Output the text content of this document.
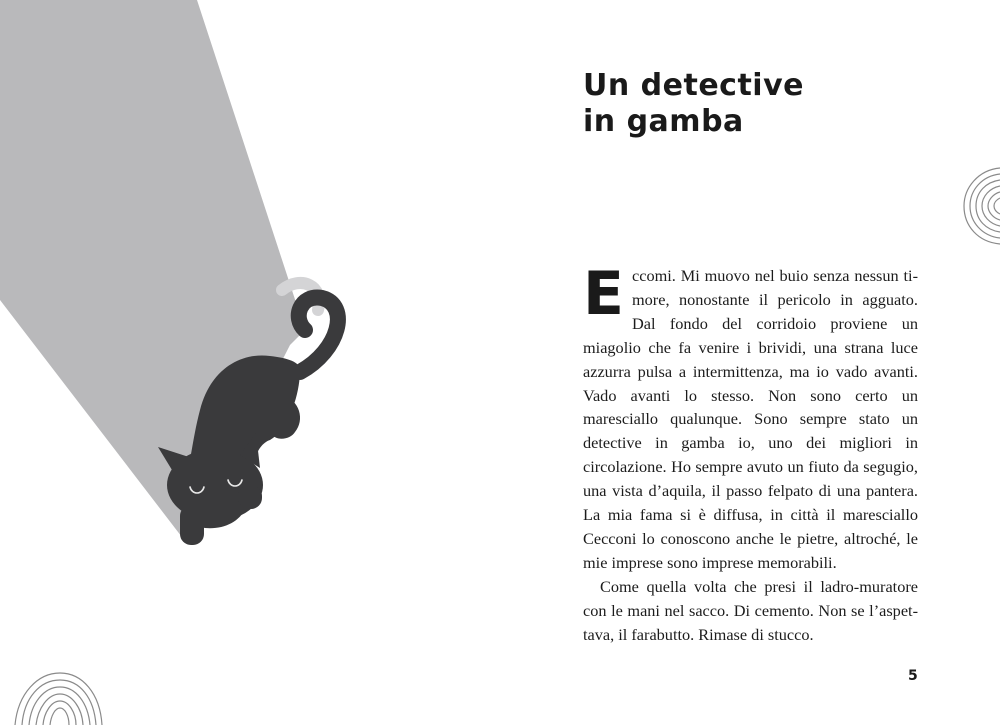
Un detective
in gamba

Eccomi. Mi muovo nel buio senza nessun timore, nonostante il pericolo in agguato. Dal fondo del corridoio proviene un miagolio che fa venire i brividi, una strana luce azzurra pulsa a intermittenza, ma io vado avanti. Vado avanti lo stesso. Non sono certo un maresciallo qualunque. Sono sempre stato un detective in gamba io, uno dei migliori in circolazione. Ho sempre avuto un fiuto da segugio, una vista d’aquila, il passo felpato di una pantera. La mia fama si è diffusa, in città il maresciallo Cecconi lo conoscono anche le pietre, altroché, le mie imprese sono imprese memorabili.

Come quella volta che presi il ladro-muratore con le mani nel sacco. Di cemento. Non se l’aspettava, il farabutto. Rimase di stucco.

5
